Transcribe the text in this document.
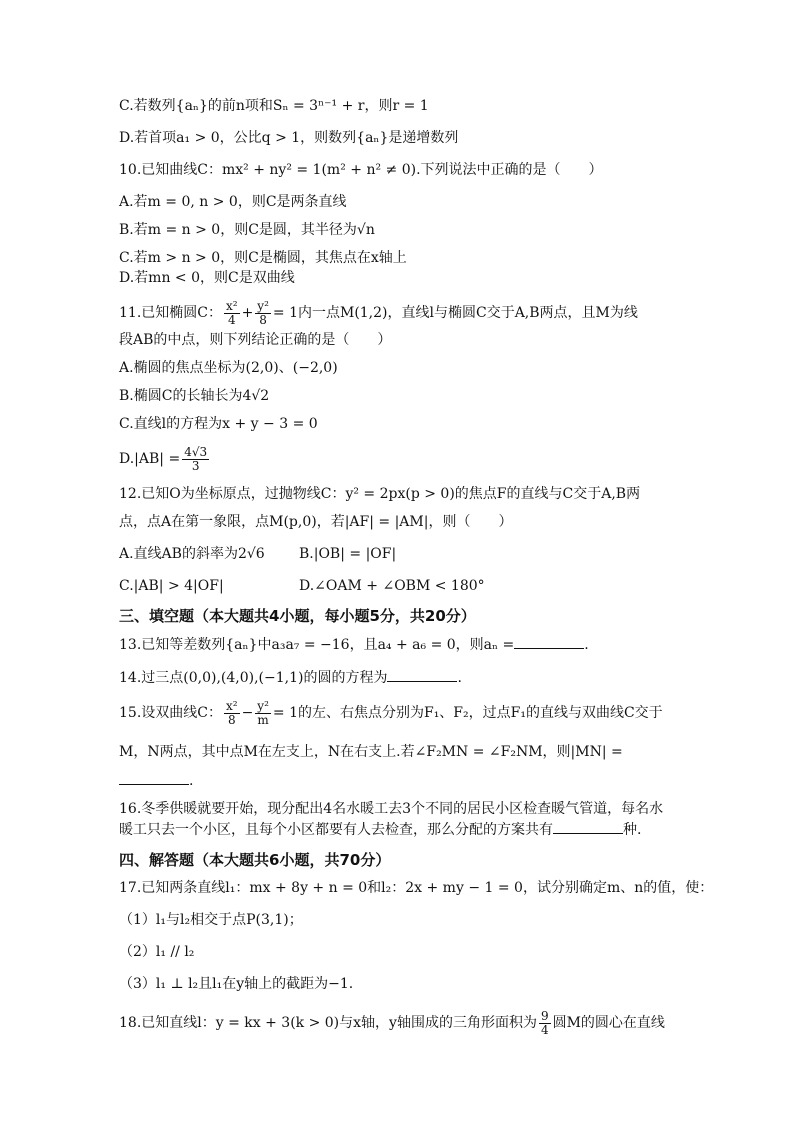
C.若数列{aₙ}的前n项和Sₙ = 3ⁿ⁻¹ + r，则r = 1
D.若首项a₁ > 0，公比q > 1，则数列{aₙ}是递增数列
10.已知曲线C：mx² + ny² = 1(m² + n² ≠ 0).下列说法中正确的是（　　）
A.若m = 0, n > 0，则C是两条直线
B.若m = n > 0，则C是圆，其半径为√n
C.若m > n > 0，则C是椭圆，其焦点在x轴上
D.若mn < 0，则C是双曲线
11.已知椭圆C： $\frac{\text{x²}}{4} + \frac{\text{y²}}{8} = 1$内一点M(1,2)，直线l与椭圆C交于A,B两点，且M为线
段AB的中点，则下列结论正确的是（　　）
A.椭圆的焦点坐标为(2,0)、(−2,0)
B.椭圆C的长轴长为4√2
C.直线l的方程为x + y − 3 = 0
$D.|AB| = \frac{4√3}{3}$
12.已知O为坐标原点，过抛物线C：y² = 2px(p > 0)的焦点F的直线与C交于A,B两
点，点A在第一象限，点M(p,0)，若|AF| = |AM|，则（　　）
A.直线AB的斜率为2√6 B.|OB| = |OF|
C.|AB| > 4|OF|	D.∠OAM + ∠OBM < 180°
三、填空题（本大题共4小题，每小题5分，共20分）
13.已知等差数列{aₙ}中a₃a₇ = −16，且a₄ + a₆ = 0，则aₙ =	.
14.过三点(0,0),(4,0),(−1,1)的圆的方程为	.
15.设双曲线C： $\frac{\text{x²}}{8} - \frac{\text{y²}}{m} = 1$的左、右焦点分别为F₁、F₂，过点F₁的直线与双曲线C交于
M，N两点，其中点M在左支上，N在右支上.若∠F₂MN = ∠F₂NM，则|MN| =
.
16.冬季供暖就要开始，现分配出4名水暖工去3个不同的居民小区检查暖气管道，每名水
暖工只去一个小区，且每个小区都要有人去检查，那么分配的方案共有	种.
四、解答题（本大题共6小题，共70分）
17.已知两条直线l₁：mx + 8y + n = 0和l₂：2x + my − 1 = 0，试分别确定m、n的值，使：
（1）l₁与l₂相交于点P(3,1)；
（2）l₁ // l₂
（3）l₁ ⊥ l₂且l₁在y轴上的截距为−1.
18.已知直线l：y = kx + 3(k > 0)与x轴，y轴围成的三角形面积为 $\frac{9}{4}$ 圆M的圆心在直线
